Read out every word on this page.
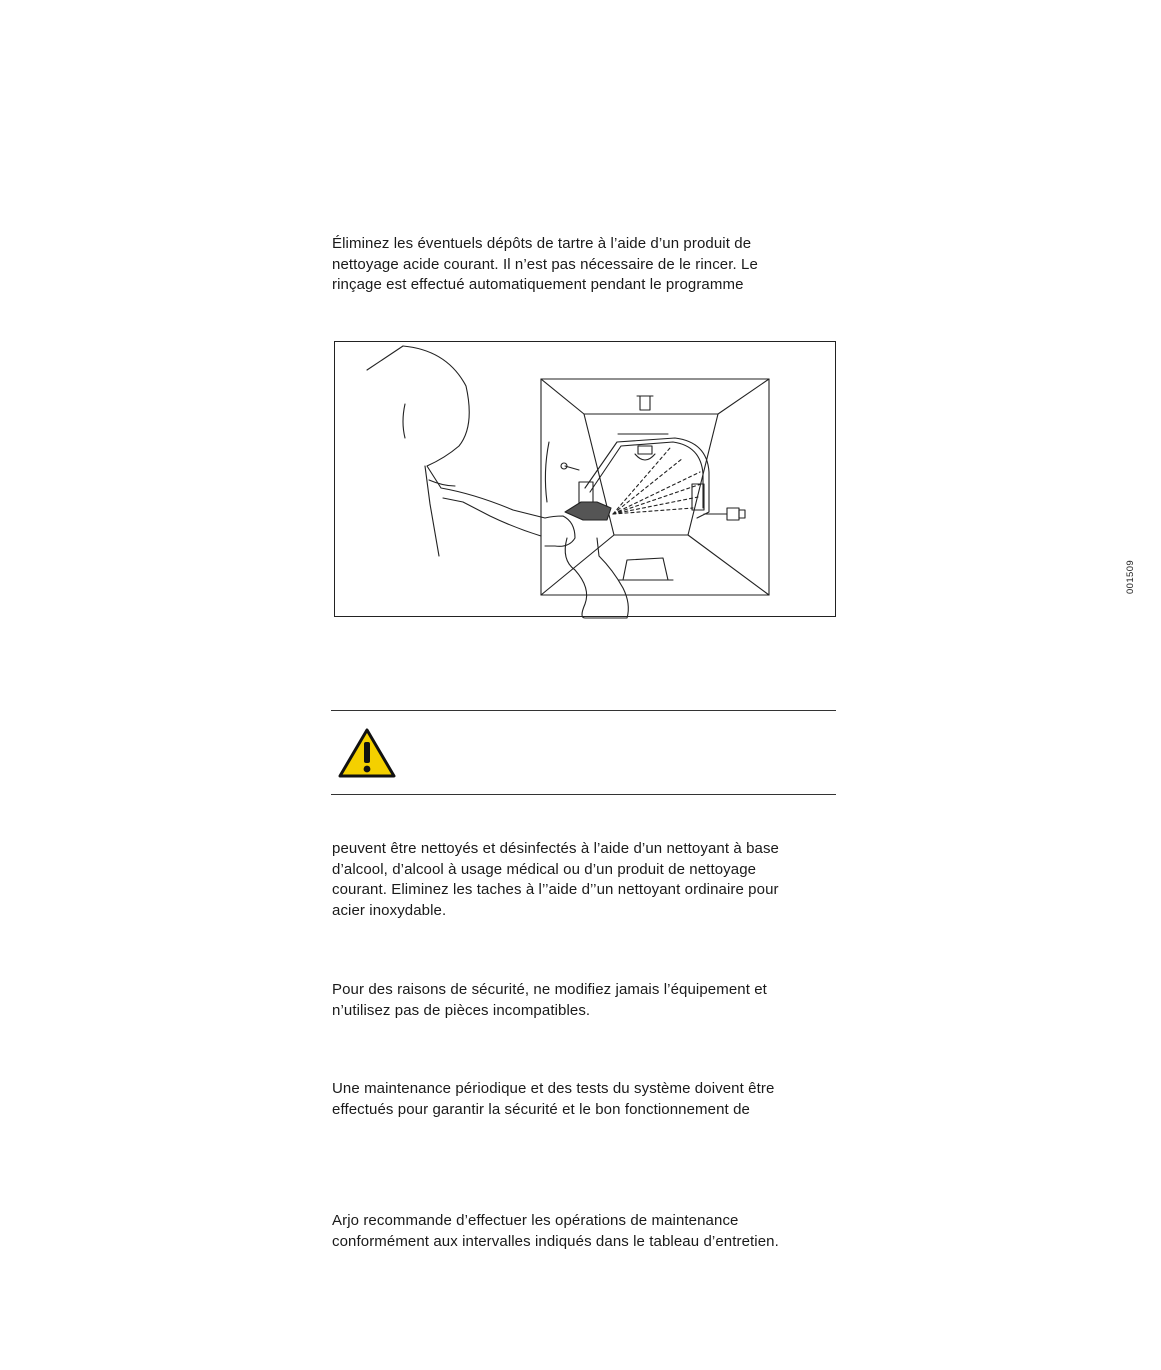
Éliminez les éventuels dépôts de tartre à l’aide d’un produit de
nettoyage acide courant. Il n’est pas nécessaire de le rincer. Le
rinçage est effectué automatiquement pendant le programme
001509
peuvent être nettoyés et désinfectés à l’aide d’un nettoyant à base
d’alcool, d’alcool à usage médical ou d’un produit de nettoyage
courant. Eliminez les taches à l’’aide d’’un nettoyant ordinaire pour
acier inoxydable.
Pour des raisons de sécurité, ne modifiez jamais l’équipement et
n’utilisez pas de pièces incompatibles.
Une maintenance périodique et des tests du système doivent être
effectués pour garantir la sécurité et le bon fonctionnement de
Arjo recommande d’effectuer les opérations de maintenance
conformément aux intervalles indiqués dans le tableau d’entretien.
